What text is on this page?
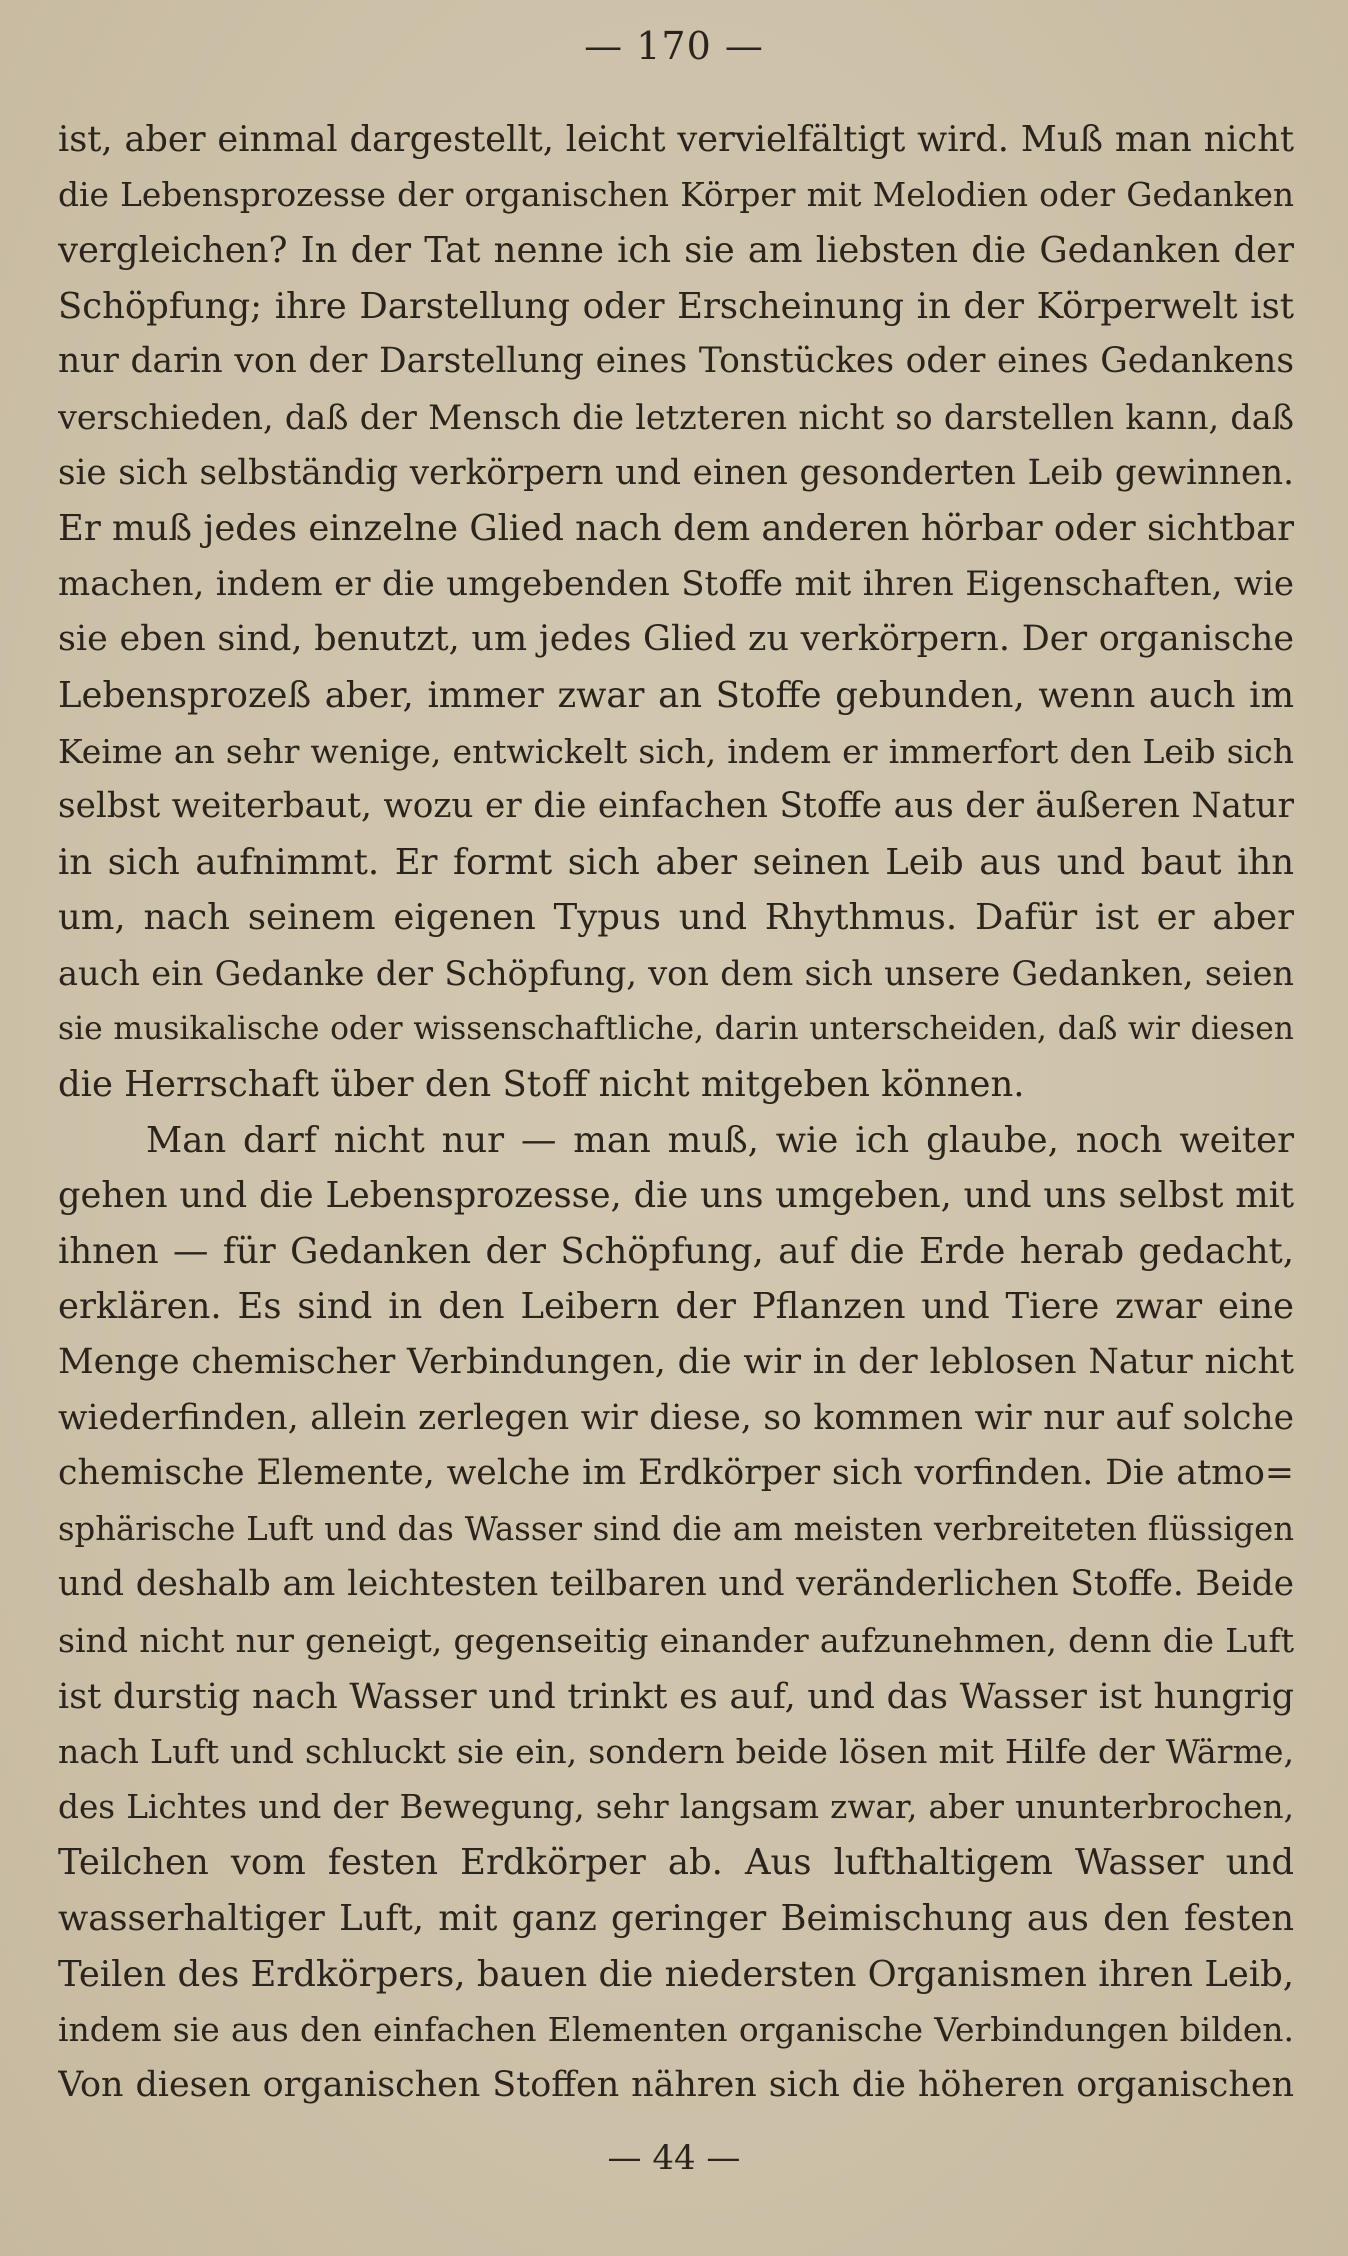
— 170 —
ist, aber einmal dargestellt, leicht vervielfältigt wird. Muß man nicht
die Lebensprozesse der organischen Körper mit Melodien oder Gedanken
vergleichen? In der Tat nenne ich sie am liebsten die Gedanken der
Schöpfung; ihre Darstellung oder Erscheinung in der Körperwelt ist
nur darin von der Darstellung eines Tonstückes oder eines Gedankens
verschieden, daß der Mensch die letzteren nicht so darstellen kann, daß
sie sich selbständig verkörpern und einen gesonderten Leib gewinnen.
Er muß jedes einzelne Glied nach dem anderen hörbar oder sichtbar
machen, indem er die umgebenden Stoffe mit ihren Eigenschaften, wie
sie eben sind, benutzt, um jedes Glied zu verkörpern. Der organische
Lebensprozeß aber, immer zwar an Stoffe gebunden, wenn auch im
Keime an sehr wenige, entwickelt sich, indem er immerfort den Leib sich
selbst weiterbaut, wozu er die einfachen Stoffe aus der äußeren Natur
in sich aufnimmt. Er formt sich aber seinen Leib aus und baut ihn
um, nach seinem eigenen Typus und Rhythmus. Dafür ist er aber
auch ein Gedanke der Schöpfung, von dem sich unsere Gedanken, seien
sie musikalische oder wissenschaftliche, darin unterscheiden, daß wir diesen
die Herrschaft über den Stoff nicht mitgeben können.
Man darf nicht nur — man muß, wie ich glaube, noch weiter
gehen und die Lebensprozesse, die uns umgeben, und uns selbst mit
ihnen — für Gedanken der Schöpfung, auf die Erde herab gedacht,
erklären. Es sind in den Leibern der Pflanzen und Tiere zwar eine
Menge chemischer Verbindungen, die wir in der leblosen Natur nicht
wiederfinden, allein zerlegen wir diese, so kommen wir nur auf solche
chemische Elemente, welche im Erdkörper sich vorfinden. Die atmo=
sphärische Luft und das Wasser sind die am meisten verbreiteten flüssigen
und deshalb am leichtesten teilbaren und veränderlichen Stoffe. Beide
sind nicht nur geneigt, gegenseitig einander aufzunehmen, denn die Luft
ist durstig nach Wasser und trinkt es auf, und das Wasser ist hungrig
nach Luft und schluckt sie ein, sondern beide lösen mit Hilfe der Wärme,
des Lichtes und der Bewegung, sehr langsam zwar, aber ununterbrochen,
Teilchen vom festen Erdkörper ab. Aus lufthaltigem Wasser und
wasserhaltiger Luft, mit ganz geringer Beimischung aus den festen
Teilen des Erdkörpers, bauen die niedersten Organismen ihren Leib,
indem sie aus den einfachen Elementen organische Verbindungen bilden.
Von diesen organischen Stoffen nähren sich die höheren organischen
— 44 —
